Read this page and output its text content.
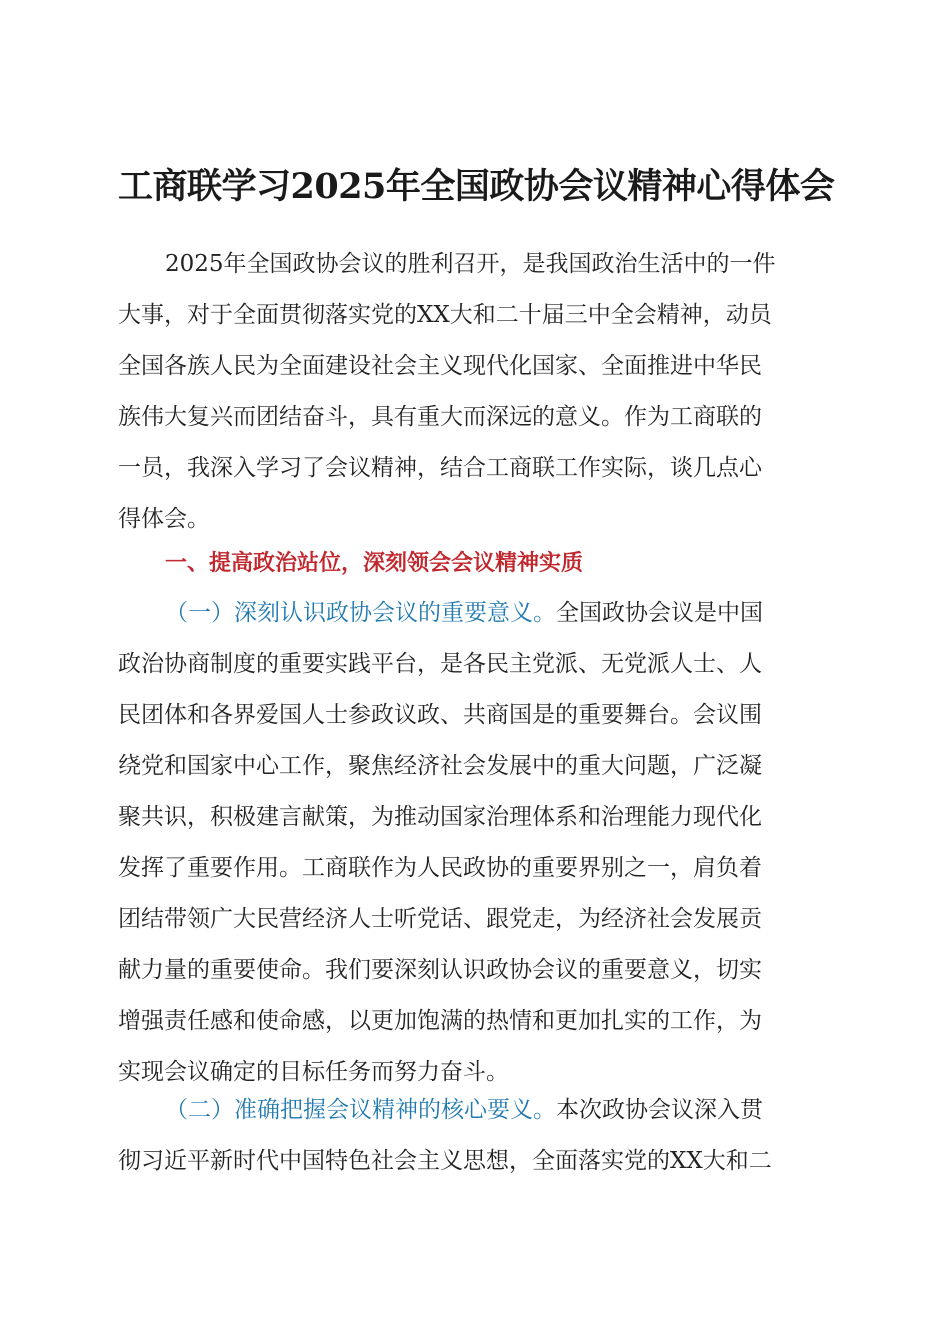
工商联学习2025年全国政协会议精神心得体会
2025年全国政协会议的胜利召开，是我国政治生活中的一件
大事，对于全面贯彻落实党的XX大和二十届三中全会精神，动员
全国各族人民为全面建设社会主义现代化国家、全面推进中华民
族伟大复兴而团结奋斗，具有重大而深远的意义。作为工商联的
一员，我深入学习了会议精神，结合工商联工作实际，谈几点心
得体会。
一、提高政治站位，深刻领会会议精神实质
（一）深刻认识政协会议的重要意义。全国政协会议是中国
政治协商制度的重要实践平台，是各民主党派、无党派人士、人
民团体和各界爱国人士参政议政、共商国是的重要舞台。会议围
绕党和国家中心工作，聚焦经济社会发展中的重大问题，广泛凝
聚共识，积极建言献策，为推动国家治理体系和治理能力现代化
发挥了重要作用。工商联作为人民政协的重要界别之一，肩负着
团结带领广大民营经济人士听党话、跟党走，为经济社会发展贡
献力量的重要使命。我们要深刻认识政协会议的重要意义，切实
增强责任感和使命感，以更加饱满的热情和更加扎实的工作，为
实现会议确定的目标任务而努力奋斗。
（二）准确把握会议精神的核心要义。本次政协会议深入贯
彻习近平新时代中国特色社会主义思想，全面落实党的XX大和二
